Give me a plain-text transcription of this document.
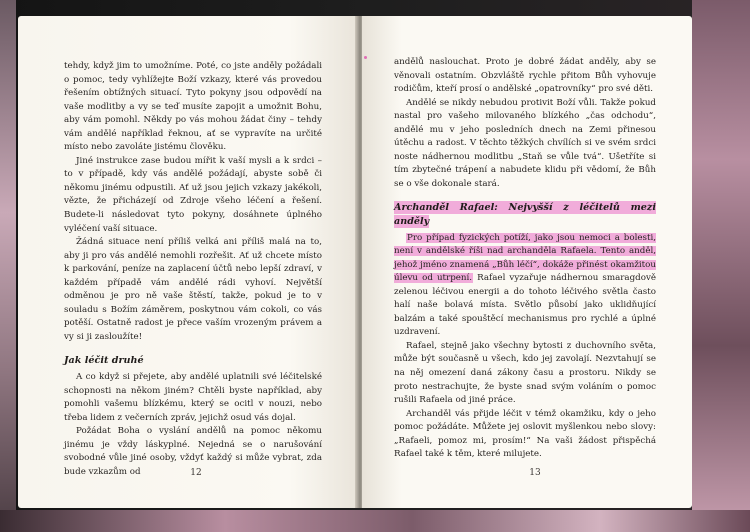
tehdy, když jim to umožníme. Poté, co jste anděly požádali o pomoc, tedy vyhlížejte Boží vzkazy, které vás provedou řešením obtížných situací. Tyto pokyny jsou odpovědí na vaše modlitby a vy se teď musíte zapojit a umožnit Bohu, aby vám pomohl. Někdy po vás mohou žádat činy – tehdy vám andělé například řeknou, ať se vypravíte na určité místo nebo zavoláte jistému člověku.

Jiné instrukce zase budou mířit k vaší mysli a k srdci – to v případě, kdy vás andělé požádají, abyste sobě či někomu jinému odpustili. Ať už jsou jejich vzkazy jakékoli, vězte, že přicházejí od Zdroje všeho léčení a řešení. Budete-li následovat tyto pokyny, dosáhnete úplného vyléčení vaší situace.

Žádná situace není příliš velká ani příliš malá na to, aby ji pro vás andělé nemohli rozřešit. Ať už chcete místo k parkování, peníze na zaplacení účtů nebo lepší zdraví, v každém případě vám andělé rádi vyhoví. Největší odměnou je pro ně vaše štěstí, takže, pokud je to v souladu s Božím záměrem, poskytnou vám cokoli, co vás potěší. Ostatně radost je přece vaším vrozeným právem a vy si ji zasloužíte!

Jak léčit druhé

A co když si přejete, aby andělé uplatnili své léčitelské schopnosti na někom jiném? Chtěli byste například, aby pomohli vašemu blízkému, který se ocitl v nouzi, nebo třeba lidem z večerních zpráv, jejichž osud vás dojal.

Požádat Boha o vyslání andělů na pomoc někomu jinému je vždy láskyplné. Nejedná se o narušování svobodné vůle jiné osoby, vždyť každý si může vybrat, zda bude vzkazům od	12

andělů naslouchat. Proto je dobré žádat anděly, aby se věnovali ostatním. Obzvláště rychle přitom Bůh vyhovuje rodičům, kteří prosí o andělské „opatrovníky“ pro své děti.

Andělé se nikdy nebudou protivit Boží vůli. Takže pokud nastal pro vašeho milovaného blízkého „čas odchodu“, andělé mu v jeho posledních dnech na Zemi přinesou útěchu a radost. V těchto těžkých chvílích si ve svém srdci noste nádhernou modlitbu „Staň se vůle tvá“. Ušetříte si tím zbytečné trápení a nabudete klidu při vědomí, že Bůh se o vše dokonale stará.

Archanděl Rafael: Nejvyšší z léčitelů mezi anděly

Pro případ fyzických potíží, jako jsou nemoci a bolesti, není v andělské říši nad archanděla Rafaela. Tento anděl, jehož jméno znamená „Bůh léčí“, dokáže přinést okamžitou úlevu od utrpení. Rafael vyzařuje nádhernou smaragdově zelenou léčivou energii a do tohoto léčivého světla často halí naše bolavá místa. Světlo působí jako uklidňující balzám a také spouštěcí mechanismus pro rychlé a úplné uzdravení.

Rafael, stejně jako všechny bytosti z duchovního světa, může být současně u všech, kdo jej zavolají. Nezvtahují se na něj omezení daná zákony času a prostoru. Nikdy se proto nestrachujte, že byste snad svým voláním o pomoc rušili Rafaela od jiné práce.

Archanděl vás přijde léčit v témž okamžiku, kdy o jeho pomoc požádáte. Můžete jej oslovit myšlenkou nebo slovy: „Rafaeli, pomoz mi, prosím!“ Na vaši žádost přispěchá Rafael také k těm, které milujete.

13
